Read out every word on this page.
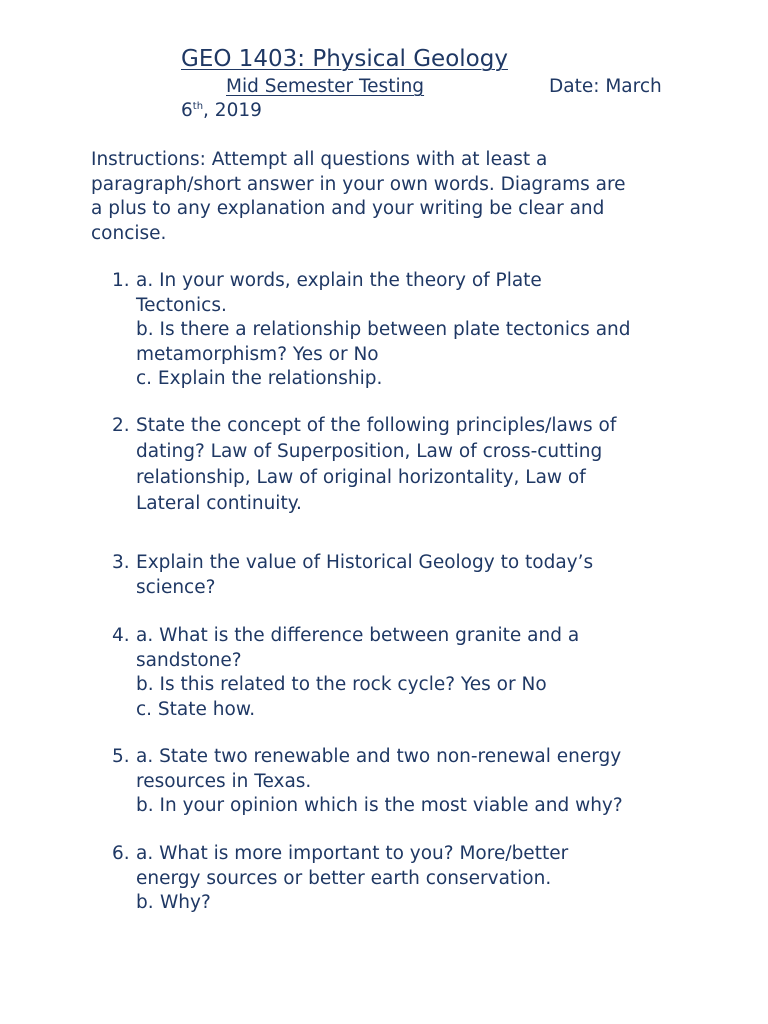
GEO 1403: Physical Geology
Mid Semester Testing	Date: March
6th, 2019
Instructions: Attempt all questions with at least a
paragraph/short answer in your own words. Diagrams are
a plus to any explanation and your writing be clear and
concise.
1. a. In your words, explain the theory of Plate
Tectonics.
b. Is there a relationship between plate tectonics and
metamorphism? Yes or No
c. Explain the relationship.
2. State the concept of the following principles/laws of
dating? Law of Superposition, Law of cross-cutting
relationship, Law of original horizontality, Law of
Lateral continuity.
3. Explain the value of Historical Geology to today’s
science?
4. a. What is the difference between granite and a
sandstone?
b. Is this related to the rock cycle? Yes or No
c. State how.
5. a. State two renewable and two non-renewal energy
resources in Texas.
b. In your opinion which is the most viable and why?
6. a. What is more important to you? More/better
energy sources or better earth conservation.
b. Why?
